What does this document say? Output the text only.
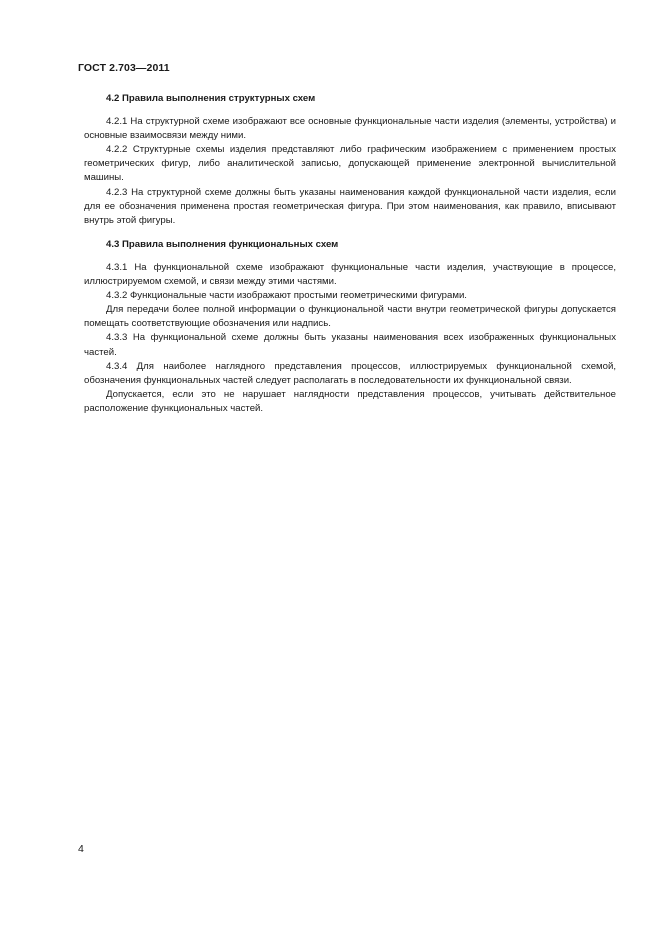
ГОСТ 2.703—2011

4.2 Правила выполнения структурных схем

4.2.1 На структурной схеме изображают все основные функциональные части изделия (элементы, устройства) и основные взаимосвязи между ними.

4.2.2 Структурные схемы изделия представляют либо графическим изображением с применением простых геометрических фигур, либо аналитической записью, допускающей применение электронной вычислительной машины.

4.2.3 На структурной схеме должны быть указаны наименования каждой функциональной части изделия, если для ее обозначения применена простая геометрическая фигура. При этом наименования, как правило, вписывают внутрь этой фигуры.

4.3 Правила выполнения функциональных схем

4.3.1 На функциональной схеме изображают функциональные части изделия, участвующие в процессе, иллюстрируемом схемой, и связи между этими частями.

4.3.2 Функциональные части изображают простыми геометрическими фигурами.

Для передачи более полной информации о функциональной части внутри геометрической фигуры допускается помещать соответствующие обозначения или надпись.

4.3.3 На функциональной схеме должны быть указаны наименования всех изображенных функциональных частей.

4.3.4 Для наиболее наглядного представления процессов, иллюстрируемых функциональной схемой, обозначения функциональных частей следует располагать в последовательности их функциональной связи.

Допускается, если это не нарушает наглядности представления процессов, учитывать действительное расположение функциональных частей.

4
